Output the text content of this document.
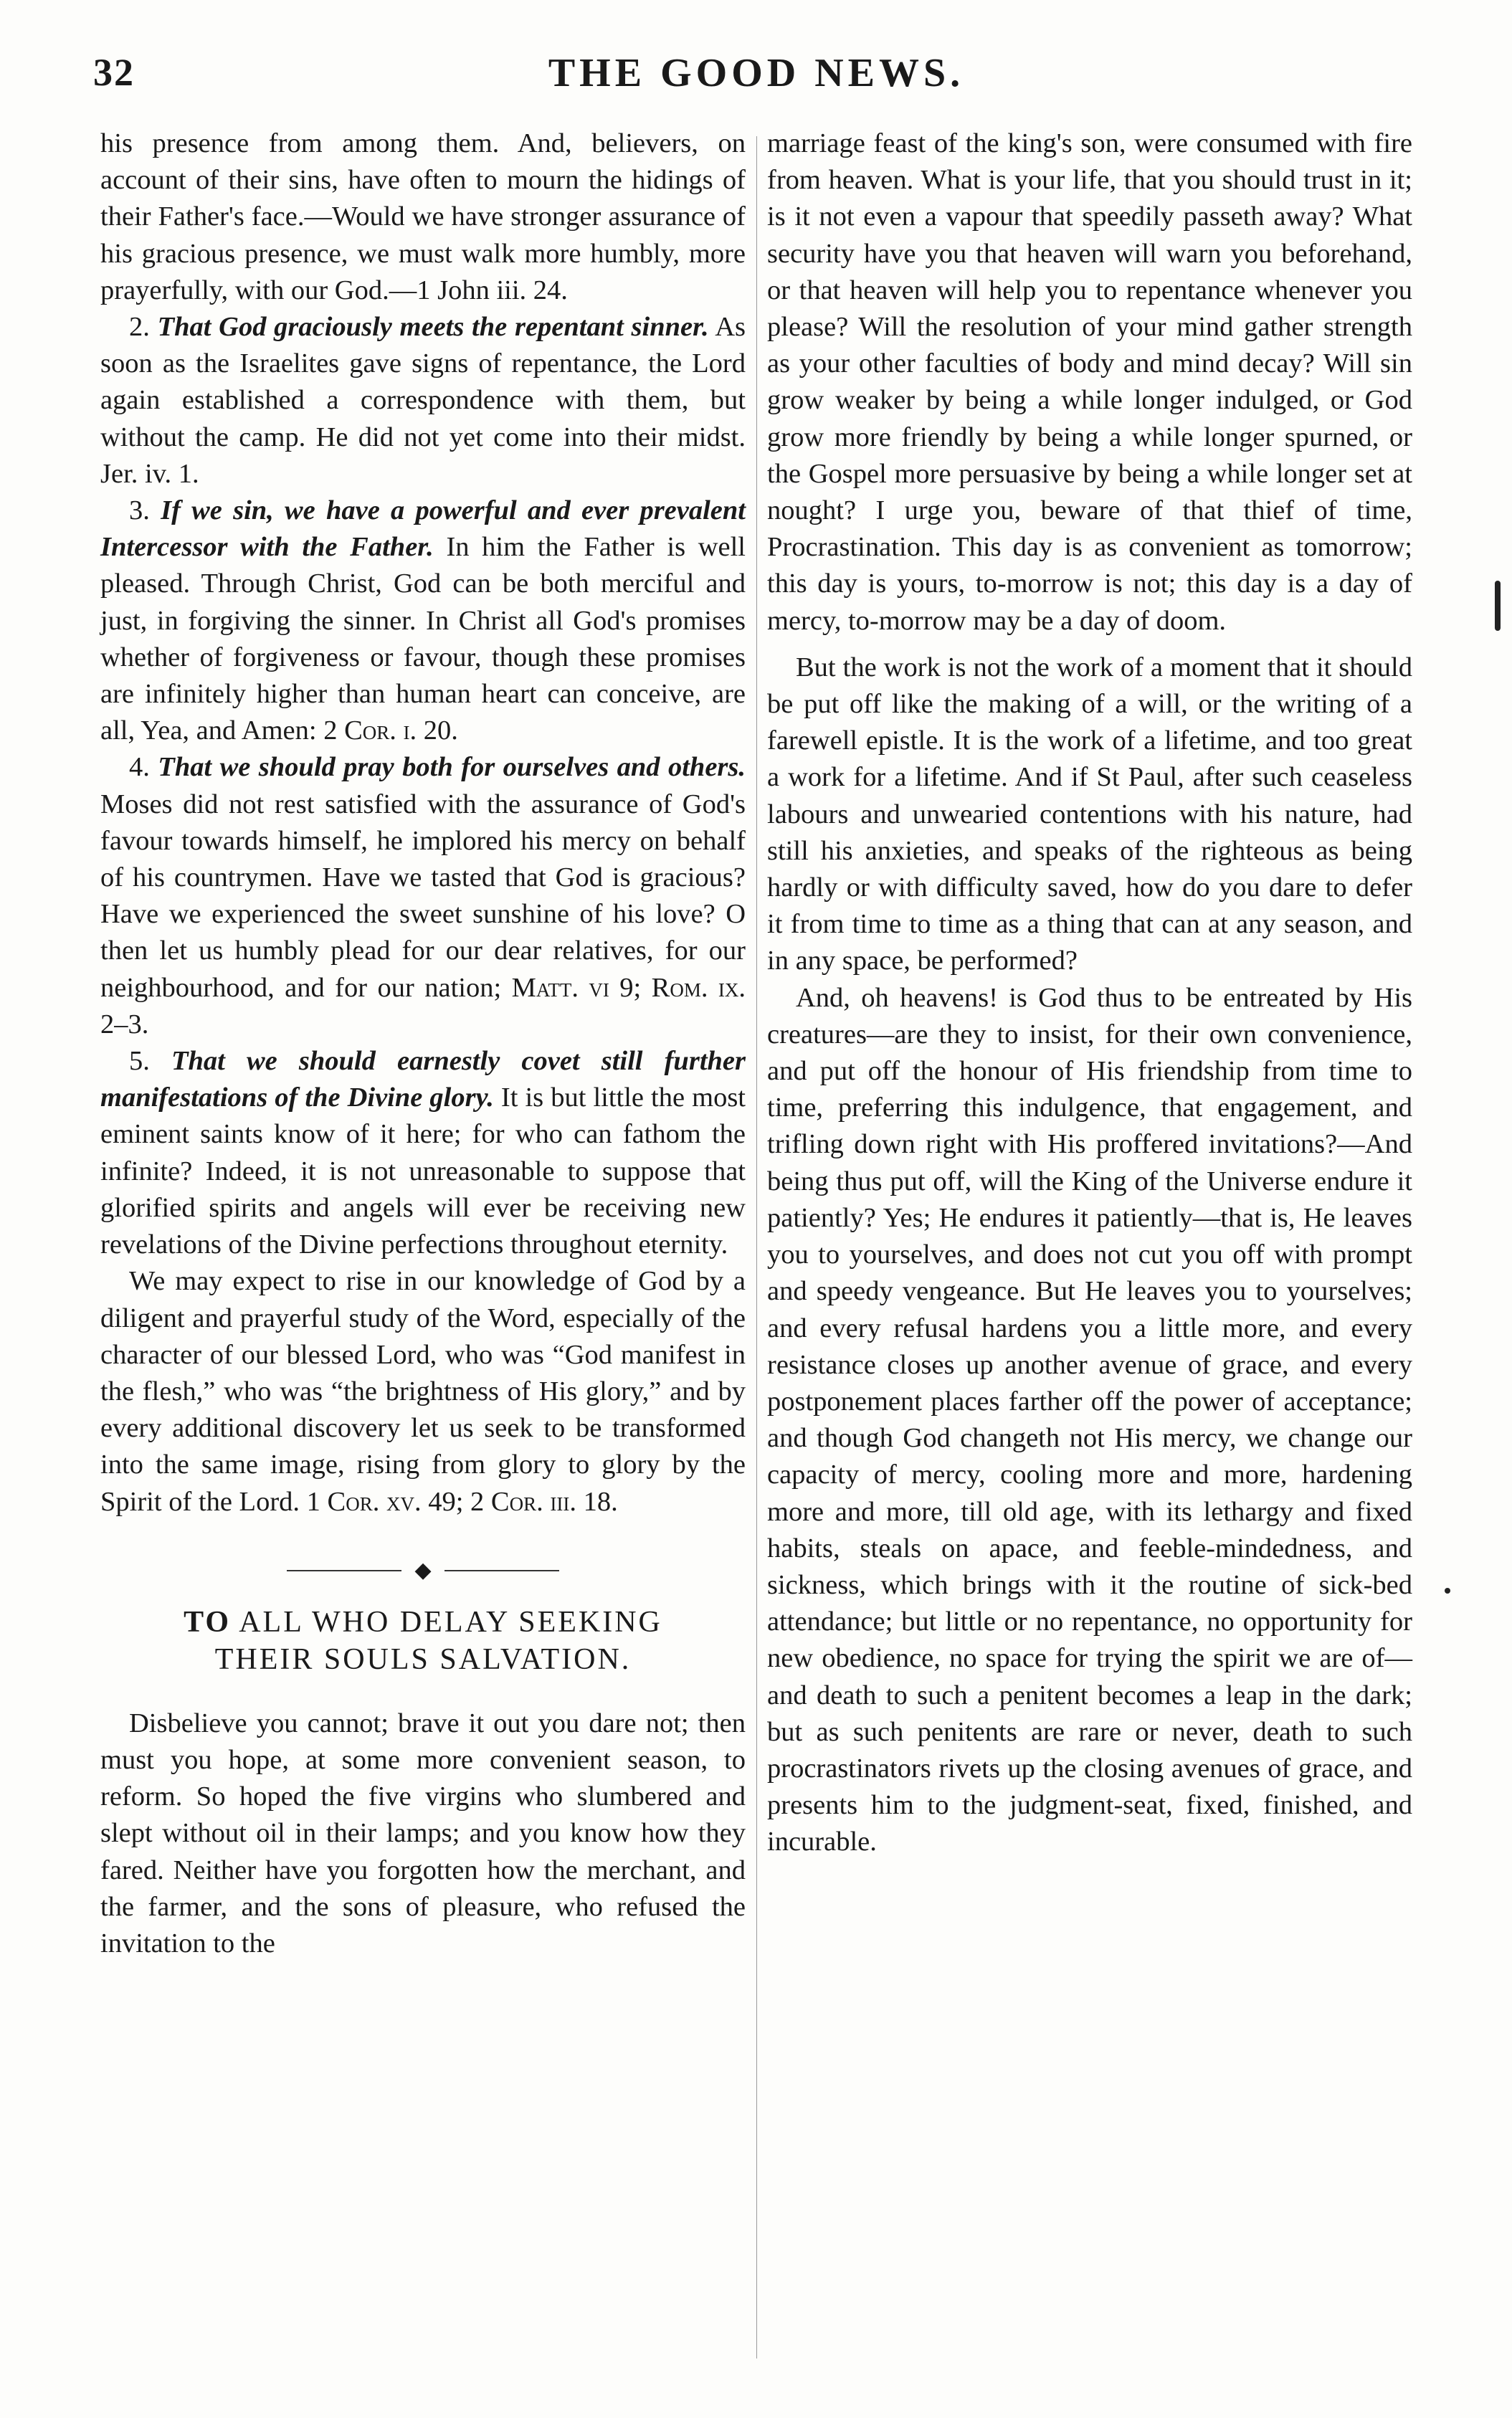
32	THE GOOD NEWS.

his presence from among them. And, believers, on account of their sins, have often to mourn the hidings of their Father's face.—Would we have stronger assurance of his gracious presence, we must walk more humbly, more prayerfully, with our God.—1 John iii. 24.

2. That God graciously meets the repentant sinner. As soon as the Israelites gave signs of repentance, the Lord again established a correspondence with them, but without the camp. He did not yet come into their midst. Jer. iv. 1.

3. If we sin, we have a powerful and ever prevalent Intercessor with the Father. In him the Father is well pleased. Through Christ, God can be both merciful and just, in forgiving the sinner. In Christ all God's promises whether of forgiveness or favour, though these promises are infinitely higher than human heart can conceive, are all, Yea, and Amen: 2 Cor. i. 20.

4. That we should pray both for ourselves and others. Moses did not rest satisfied with the assurance of God's favour towards himself, he implored his mercy on behalf of his countrymen. Have we tasted that God is gracious? Have we experienced the sweet sunshine of his love? O then let us humbly plead for our dear relatives, for our neighbourhood, and for our nation; Matt. vi 9; Rom. ix. 2–3.

5. That we should earnestly covet still further manifestations of the Divine glory. It is but little the most eminent saints know of it here; for who can fathom the infinite? Indeed, it is not unreasonable to suppose that glorified spirits and angels will ever be receiving new revelations of the Divine perfections throughout eternity.

We may expect to rise in our knowledge of God by a diligent and prayerful study of the Word, especially of the character of our blessed Lord, who was “God manifest in the flesh,” who was “the brightness of His glory,” and by every additional discovery let us seek to be transformed into the same image, rising from glory to glory by the Spirit of the Lord. 1 Cor. xv. 49; 2 Cor. iii. 18.

◆

TO ALL WHO DELAY SEEKING
THEIR SOULS SALVATION.

Disbelieve you cannot; brave it out you dare not; then must you hope, at some more convenient season, to reform. So hoped the five virgins who slumbered and slept without oil in their lamps; and you know how they fared. Neither have you forgotten how the merchant, and the farmer, and the sons of pleasure, who refused the invitation to the

marriage feast of the king's son, were consumed with fire from heaven. What is your life, that you should trust in it; is it not even a vapour that speedily passeth away? What security have you that heaven will warn you beforehand, or that heaven will help you to repentance whenever you please? Will the resolution of your mind gather strength as your other faculties of body and mind decay? Will sin grow weaker by being a while longer indulged, or God grow more friendly by being a while longer spurned, or the Gospel more persuasive by being a while longer set at nought? I urge you, beware of that thief of time, Procrastination. This day is as convenient as tomorrow; this day is yours, to-morrow is not; this day is a day of mercy, to-morrow may be a day of doom.

But the work is not the work of a moment that it should be put off like the making of a will, or the writing of a farewell epistle. It is the work of a lifetime, and too great a work for a lifetime. And if St Paul, after such ceaseless labours and unwearied contentions with his nature, had still his anxieties, and speaks of the righteous as being hardly or with difficulty saved, how do you dare to defer it from time to time as a thing that can at any season, and in any space, be performed?

And, oh heavens! is God thus to be entreated by His creatures—are they to insist, for their own convenience, and put off the honour of His friendship from time to time, preferring this indulgence, that engagement, and trifling down right with His proffered invitations?—And being thus put off, will the King of the Universe endure it patiently? Yes; He endures it patiently—that is, He leaves you to yourselves, and does not cut you off with prompt and speedy vengeance. But He leaves you to yourselves; and every refusal hardens you a little more, and every resistance closes up another avenue of grace, and every postponement places farther off the power of acceptance; and though God changeth not His mercy, we change our capacity of mercy, cooling more and more, hardening more and more, till old age, with its lethargy and fixed habits, steals on apace, and feeble-mindedness, and sickness, which brings with it the routine of sick-bed attendance; but little or no repentance, no opportunity for new obedience, no space for trying the spirit we are of—and death to such a penitent becomes a leap in the dark; but as such penitents are rare or never, death to such procrastinators rivets up the closing avenues of grace, and presents him to the judgment-seat, fixed, finished, and incurable.
